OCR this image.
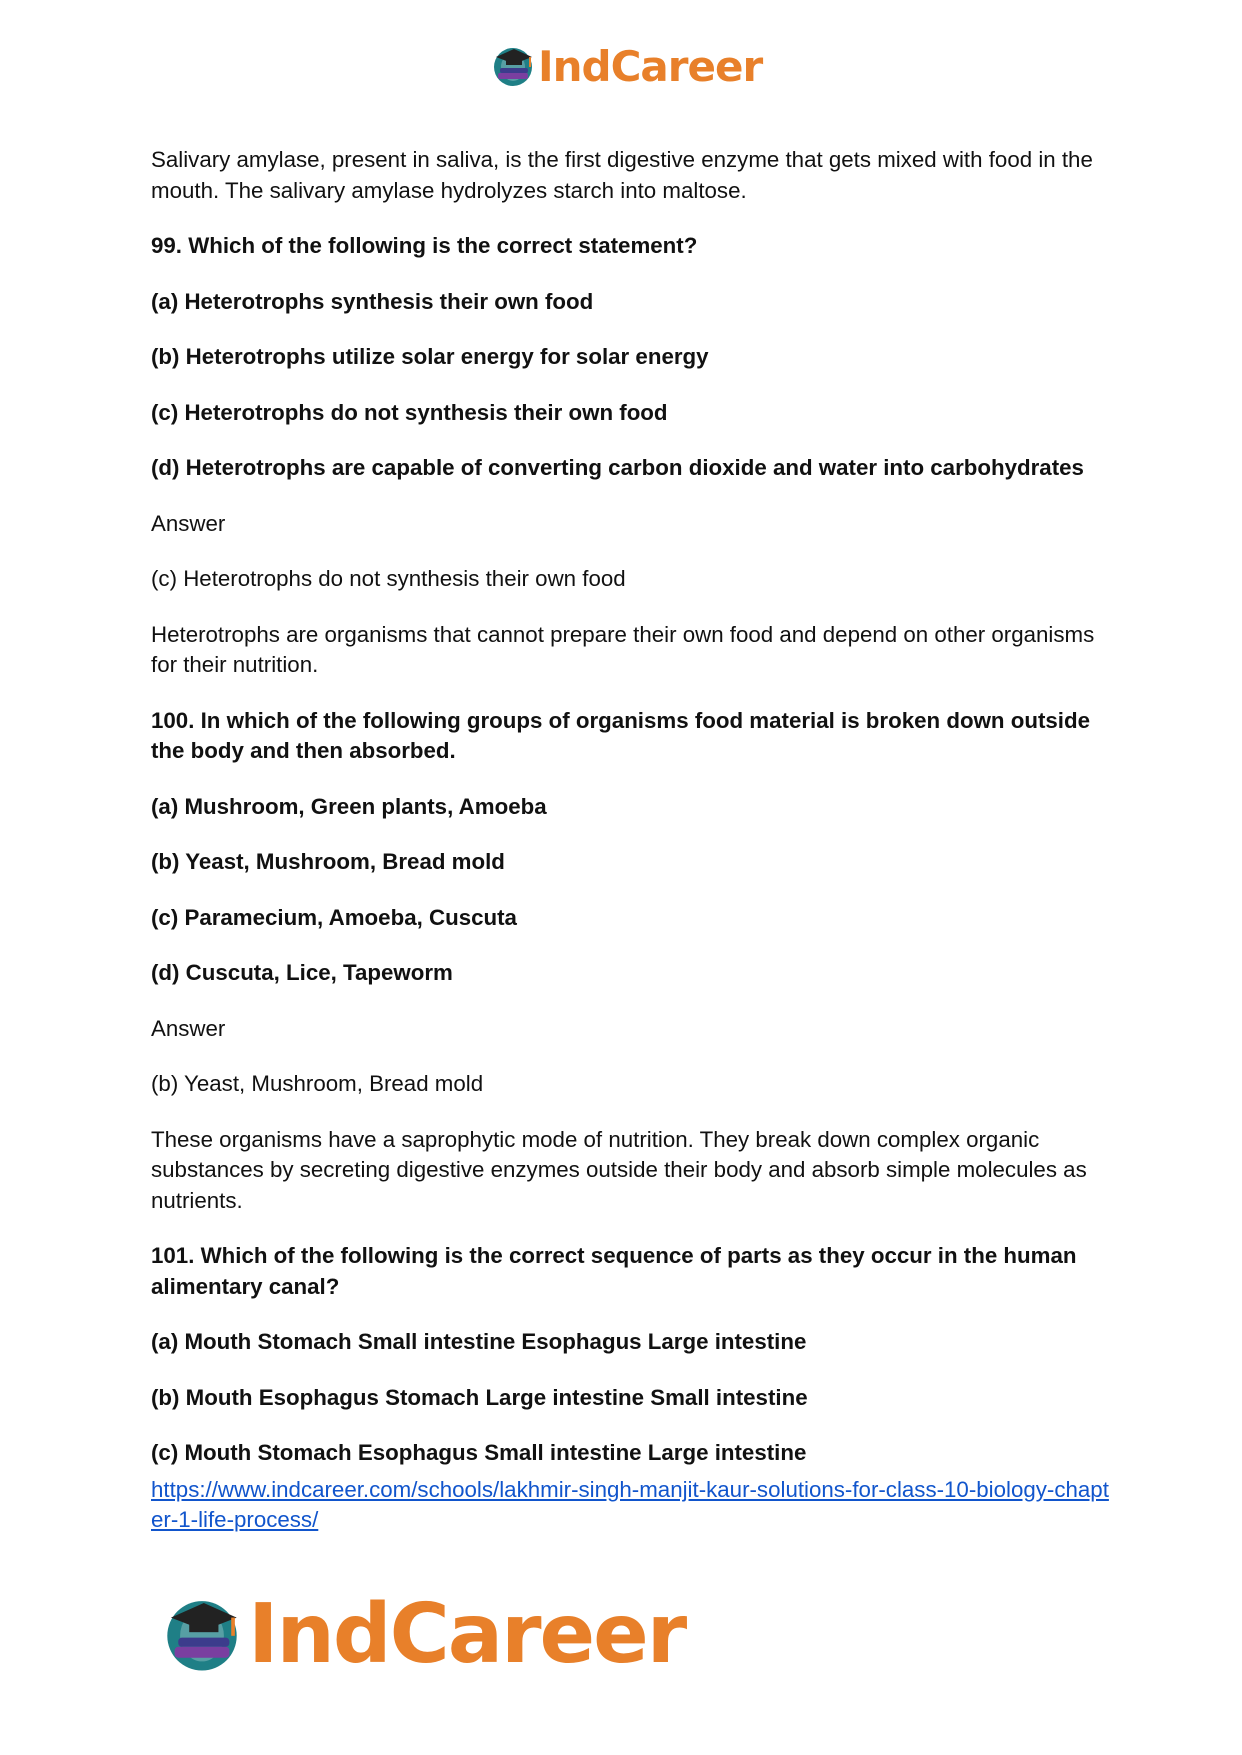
IndCareer

Salivary amylase, present in saliva, is the first digestive enzyme that gets mixed with food in the mouth. The salivary amylase hydrolyzes starch into maltose.

99. Which of the following is the correct statement?

(a) Heterotrophs synthesis their own food

(b) Heterotrophs utilize solar energy for solar energy

(c) Heterotrophs do not synthesis their own food

(d) Heterotrophs are capable of converting carbon dioxide and water into carbohydrates

Answer

(c) Heterotrophs do not synthesis their own food

Heterotrophs are organisms that cannot prepare their own food and depend on other organisms for their nutrition.

100. In which of the following groups of organisms food material is broken down outside the body and then absorbed.

(a) Mushroom, Green plants, Amoeba

(b) Yeast, Mushroom, Bread mold

(c) Paramecium, Amoeba, Cuscuta

(d) Cuscuta, Lice, Tapeworm

Answer

(b) Yeast, Mushroom, Bread mold

These organisms have a saprophytic mode of nutrition. They break down complex organic substances by secreting digestive enzymes outside their body and absorb simple molecules as nutrients.

101. Which of the following is the correct sequence of parts as they occur in the human alimentary canal?

(a) Mouth Stomach Small intestine Esophagus Large intestine

(b) Mouth Esophagus Stomach Large intestine Small intestine

(c) Mouth Stomach Esophagus Small intestine Large intestine

https://www.indcareer.com/schools/lakhmir-singh-manjit-kaur-solutions-for-class-10-biology-chapter-1-life-process/
IndCareer
